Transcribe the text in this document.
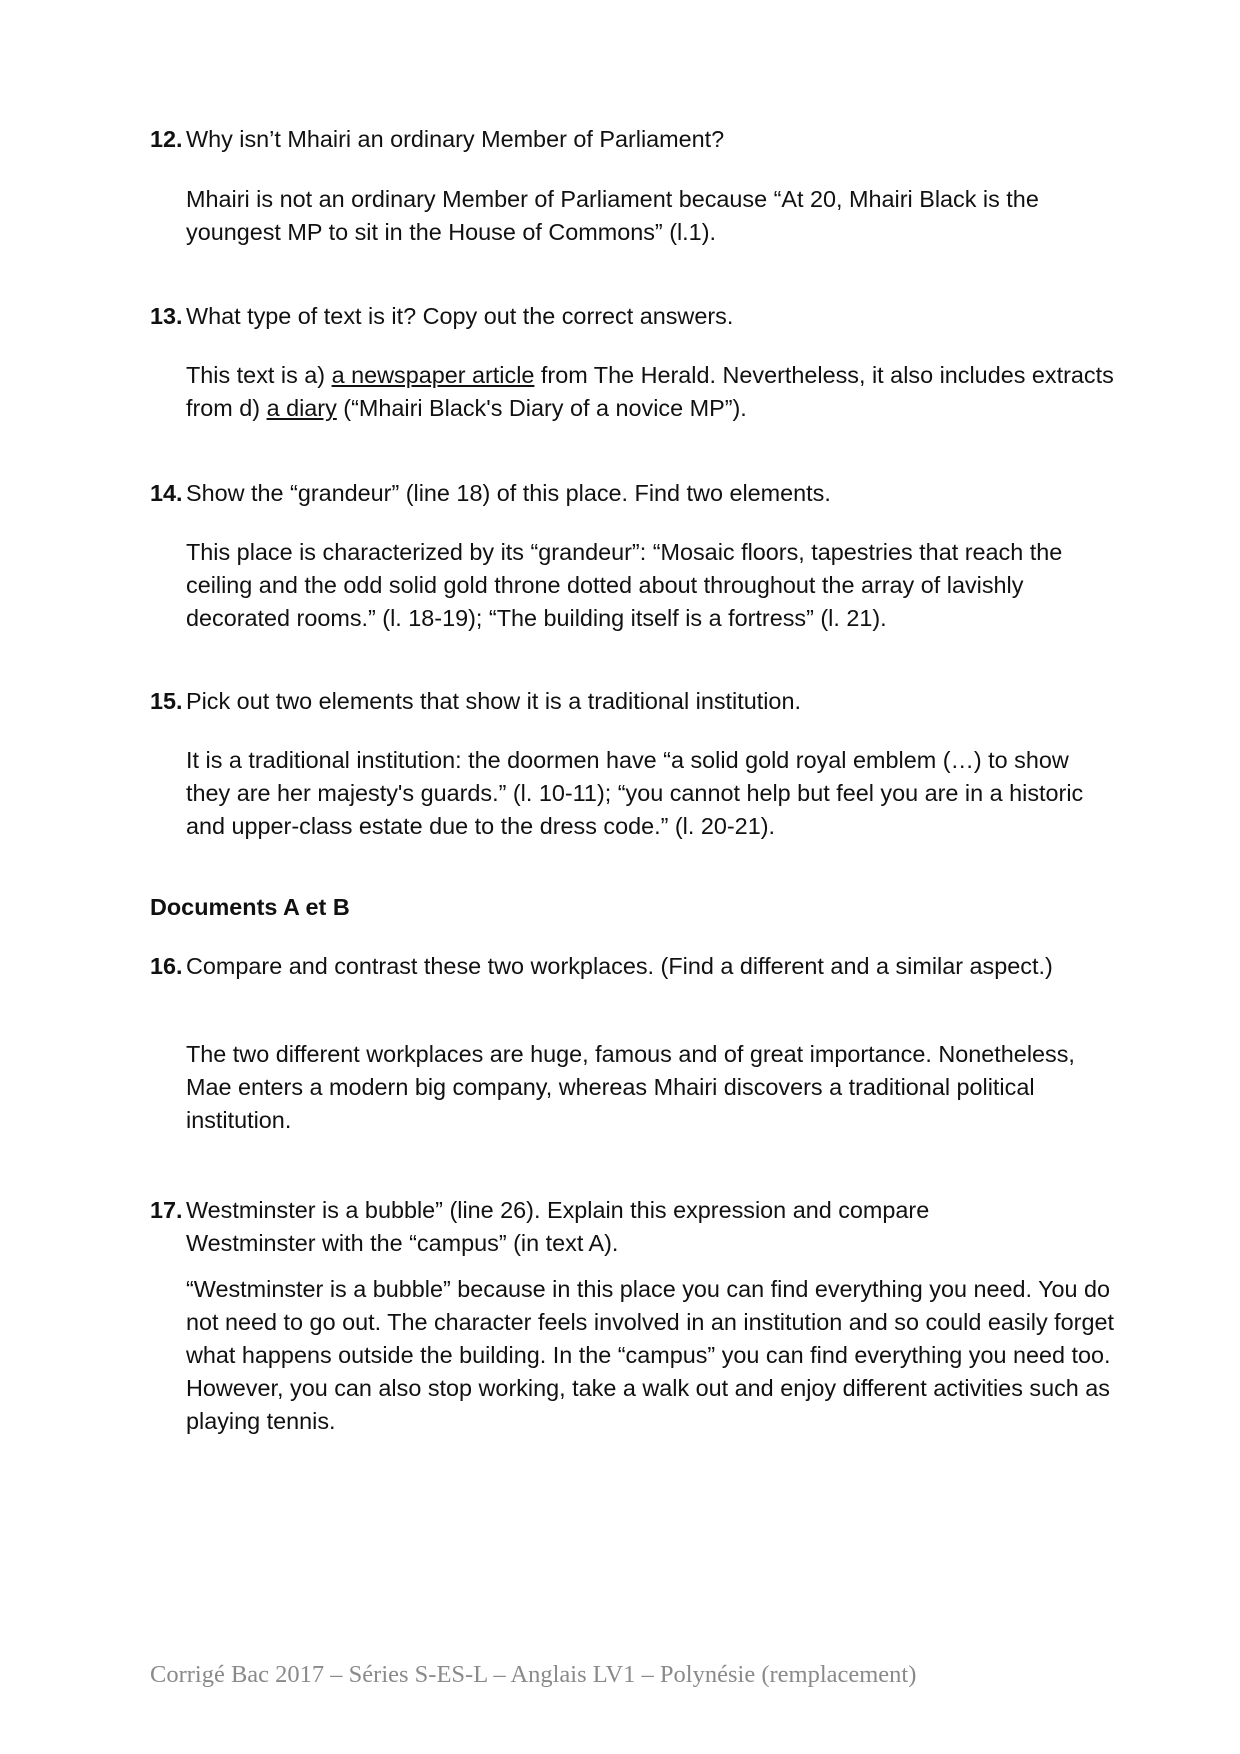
12. Why isn’t Mhairi an ordinary Member of Parliament?

Mhairi is not an ordinary Member of Parliament because “At 20, Mhairi Black is the youngest MP to sit in the House of Commons” (l.1).

13. What type of text is it? Copy out the correct answers.

This text is a) a newspaper article from The Herald. Nevertheless, it also includes extracts from d) a diary (“Mhairi Black's Diary of a novice MP”).

14. Show the “grandeur” (line 18) of this place. Find two elements.

This place is characterized by its “grandeur”: “Mosaic floors, tapestries that reach the ceiling and the odd solid gold throne dotted about throughout the array of lavishly decorated rooms.” (l. 18-19); “The building itself is a fortress” (l. 21).

15. Pick out two elements that show it is a traditional institution.

It is a traditional institution: the doormen have “a solid gold royal emblem (…) to show they are her majesty's guards.” (l. 10-11); “you cannot help but feel you are in a historic and upper-class estate due to the dress code.” (l. 20-21).

Documents A et B
16. Compare and contrast these two workplaces. (Find a different and a similar aspect.)

The two different workplaces are huge, famous and of great importance. Nonetheless, Mae enters a modern big company, whereas Mhairi discovers a traditional political institution.

17. Westminster is a bubble” (line 26). Explain this expression and compare Westminster with the “campus” (in text A).

“Westminster is a bubble” because in this place you can find everything you need. You do not need to go out. The character feels involved in an institution and so could easily forget what happens outside the building. In the “campus” you can find everything you need too. However, you can also stop working, take a walk out and enjoy different activities such as playing tennis.

Corrigé Bac 2017 – Séries S-ES-L – Anglais LV1 – Polynésie (remplacement)
